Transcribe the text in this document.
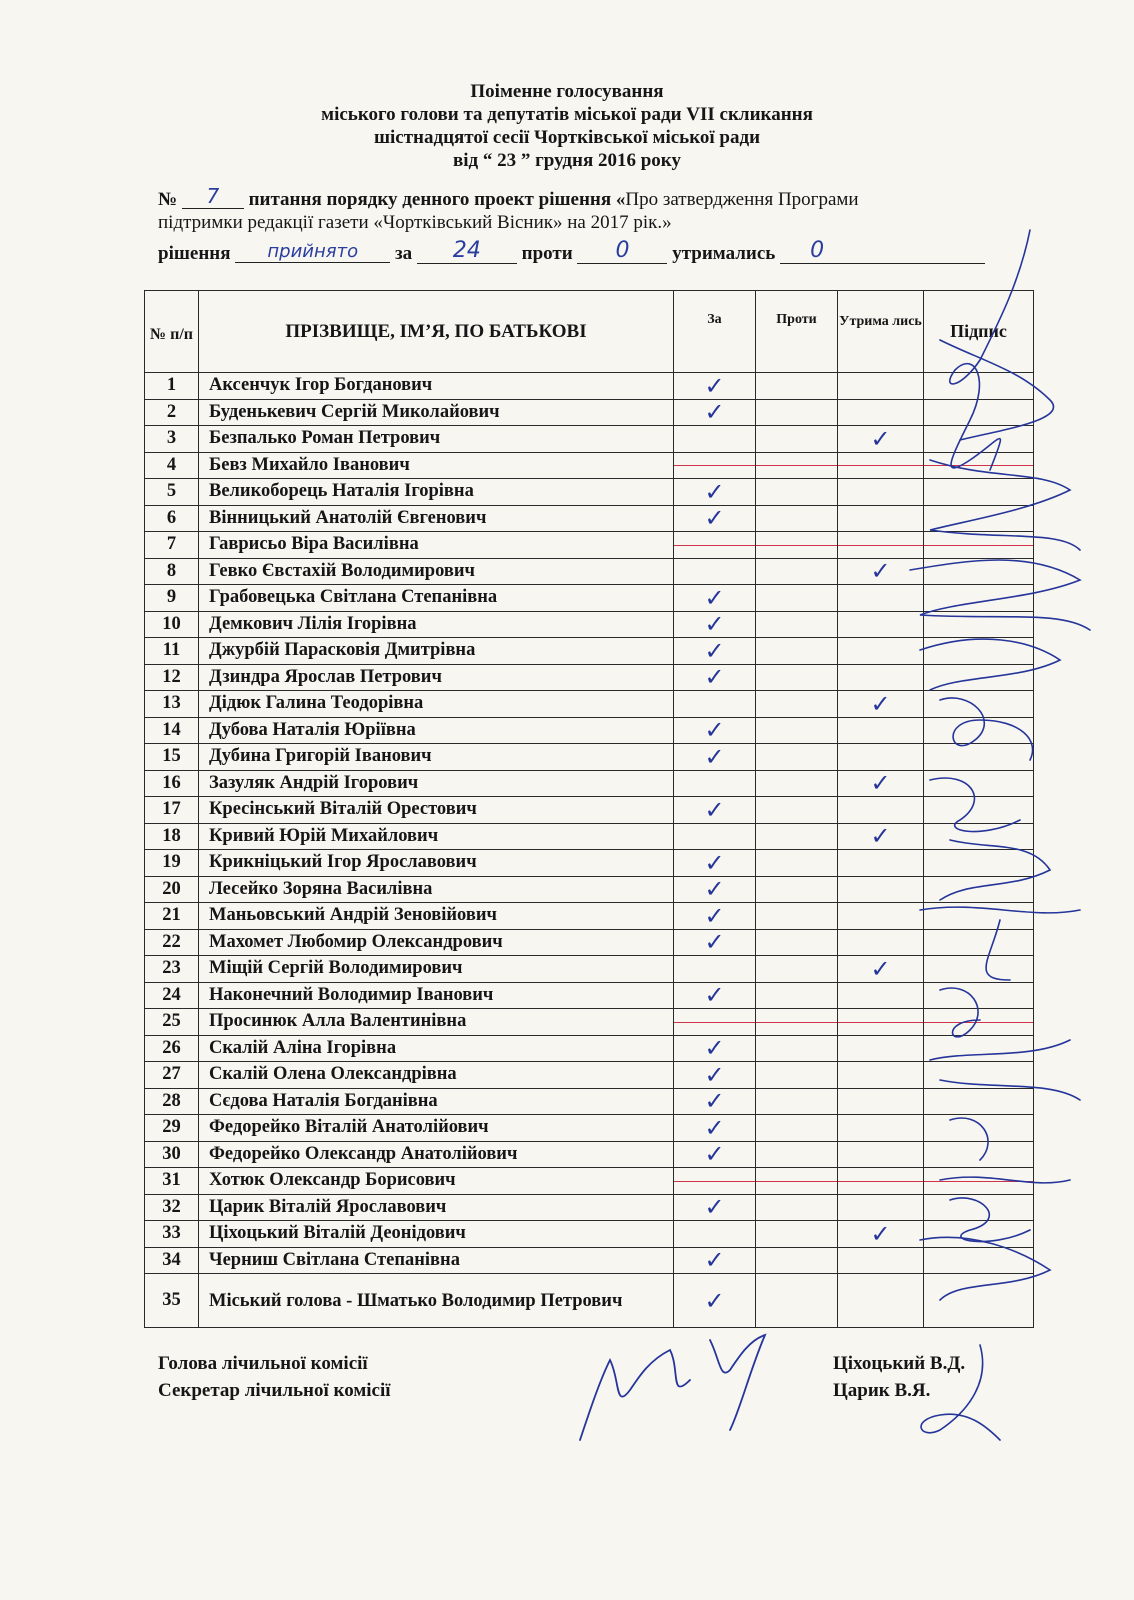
Поіменне голосування
міського голови та депутатів міської ради VII скликання
шістнадцятої сесії Чортківської міської ради
від “ 23 ” грудня 2016 року
№ 7 питання порядку денного проект рішення «Про затвердження Програми
підтримки редакції газети «Чортківський Вісник» на 2017 рік.»
рішення прийнято за 24 проти 0 утримались 0
№ п/п	ПРІЗВИЩЕ, ІМ’Я, ПО БАТЬКОВІ	За	Проти	Утрима лись	Підпис
1	Аксенчук Ігор Богданович	✓			

2	Буденькевич Сергій Миколайович	✓			

3	Безпалько Роман Петрович			✓	

4	Бевз Михайло Іванович	

5	Великоборець Наталія Ігорівна	✓			

6	Вінницький Анатолій Євгенович	✓			

7	Гаврисьо Віра Василівна	

8	Гевко Євстахій Володимирович			✓	

9	Грабовецька Світлана Степанівна	✓			

10	Демкович Лілія Ігорівна	✓			

11	Джурбій Парасковія Дмитрівна	✓			

12	Дзиндра Ярослав Петрович	✓			

13	Дідюк Галина Теодорівна			✓	

14	Дубова Наталія Юріївна	✓			

15	Дубина Григорій Іванович	✓			

16	Зазуляк Андрій Ігорович			✓	

17	Кресінський Віталій Орестович	✓			

18	Кривий Юрій Михайлович			✓	

19	Крикніцький Ігор Ярославович	✓			

20	Лесейко Зоряна Василівна	✓			

21	Маньовський Андрій Зеновійович	✓			

22	Махомет Любомир Олександрович	✓			

23	Міщій Сергій Володимирович			✓	

24	Наконечний Володимир Іванович	✓			

25	Просинюк Алла Валентинівна	

26	Скалій Аліна Ігорівна	✓			

27	Скалій Олена Олександрівна	✓			

28	Сєдова Наталія Богданівна	✓			

29	Федорейко Віталій Анатолійович	✓			

30	Федорейко Олександр Анатолійович	✓			

31	Хотюк Олександр Борисович	

32	Царик Віталій Ярославович	✓			

33	Ціхоцький Віталій Деонідович			✓	

34	Черниш Світлана Степанівна	✓			

35	Міський голова - Шматько Володимир Петрович	✓			

Голова лічильної комісії	Ціхоцький В.Д.
Секретар лічильної комісії	Царик В.Я.
